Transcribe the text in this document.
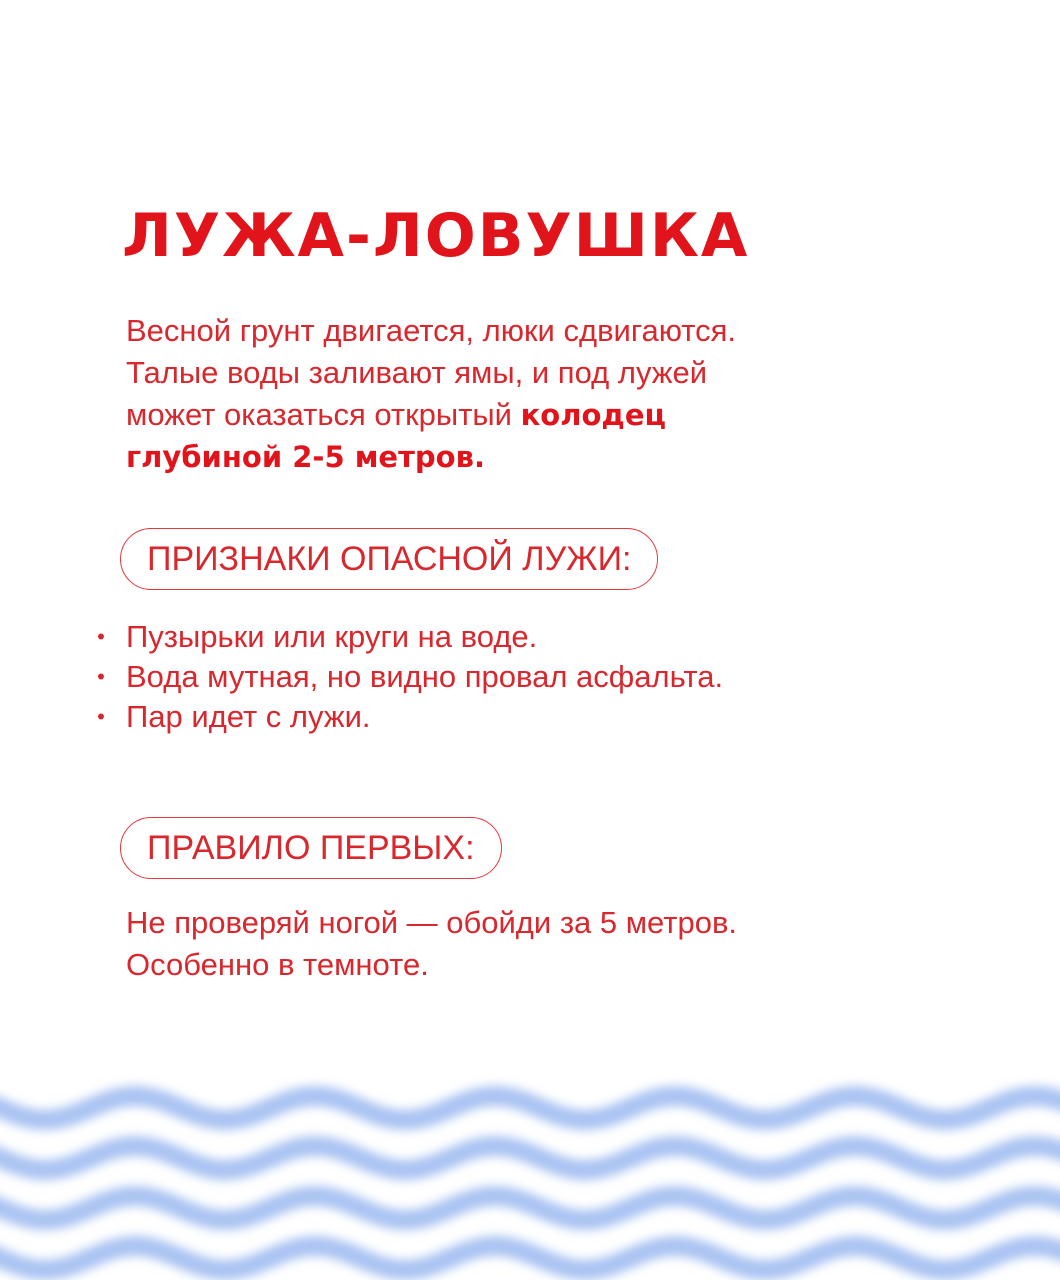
ЛУЖА-ЛОВУШКА

Весной грунт двигается, люки сдвигаются.
Талые воды заливают ямы, и под лужей
может оказаться открытый колодец
глубиной 2-5 метров.

ПРИЗНАКИ ОПАСНОЙ ЛУЖИ:
• Пузырьки или круги на воде.
• Вода мутная, но видно провал асфальта.
• Пар идет с лужи.
ПРАВИЛО ПЕРВЫХ:

Не проверяй ногой — обойди за 5 метров.
Особенно в темноте.
